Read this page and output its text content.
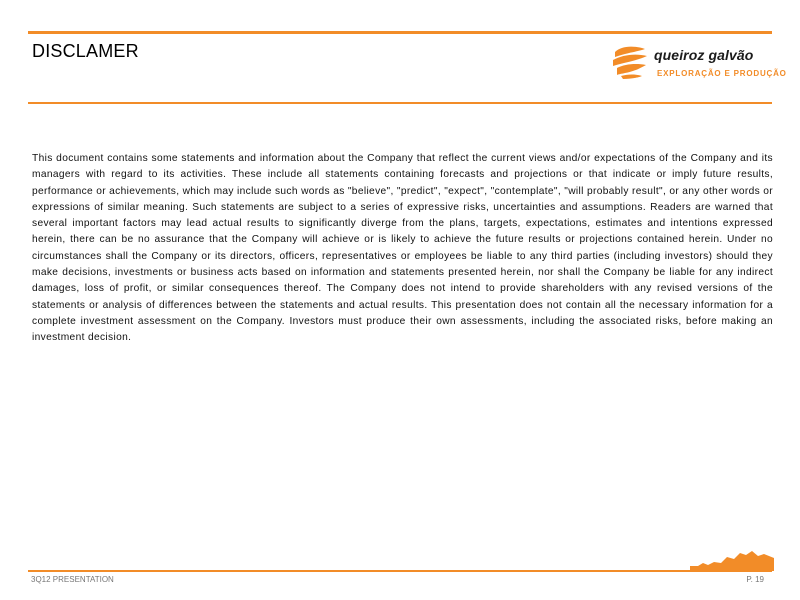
DISCLAMER	queiroz galvão
EXPLORAÇÃO E PRODUÇÃO

This document contains some statements and information about the Company that reflect the current views and/or expectations of the Company and its managers with regard to its activities. These include all statements containing forecasts and projections or that indicate or imply future results, performance or achievements, which may include such words as "believe", "predict", "expect", "contemplate", "will probably result", or any other words or expressions of similar meaning. Such statements are subject to a series of expressive risks, uncertainties and assumptions. Readers are warned that several important factors may lead actual results to significantly diverge from the plans, targets, expectations, estimates and intentions expressed herein, there can be no assurance that the Company will achieve or is likely to achieve the future results or projections contained herein. Under no circumstances shall the Company or its directors, officers, representatives or employees be liable to any third parties (including investors) should they make decisions, investments or business acts based on information and statements presented herein, nor shall the Company be liable for any indirect damages, loss of profit, or similar consequences thereof. The Company does not intend to provide shareholders with any revised versions of the statements or analysis of differences between the statements and actual results. This presentation does not contain all the necessary information for a complete investment assessment on the Company. Investors must produce their own assessments, including the associated risks, before making an investment decision.

3Q12 PRESENTATION	P. 19
